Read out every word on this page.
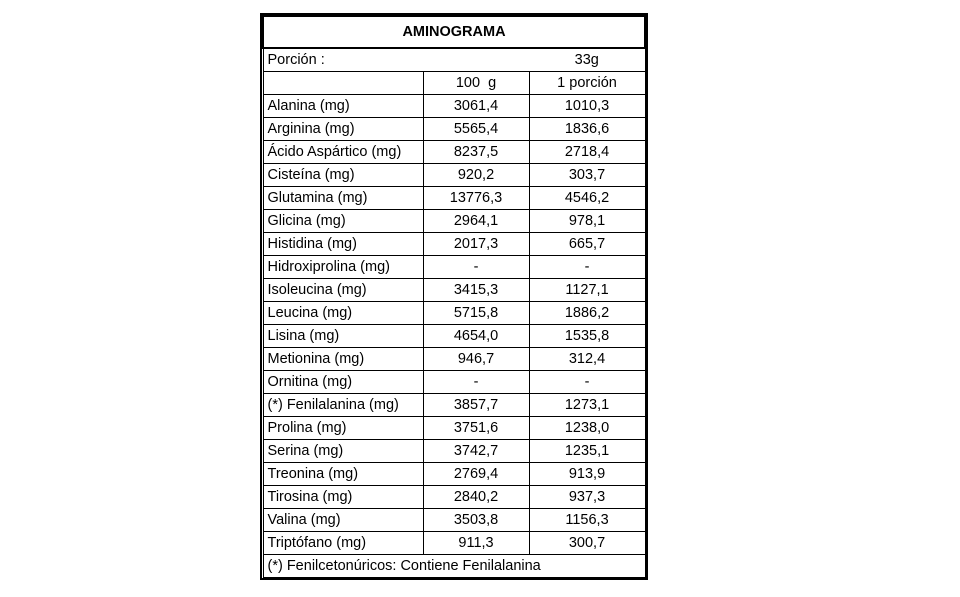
AMINOGRAMA		
Porción :		33g
	100  g	1 porción
Alanina (mg)	3061,4	1010,3
Arginina (mg)	5565,4	1836,6
Ácido Aspártico (mg)	8237,5	2718,4
Cisteína (mg)	920,2	303,7
Glutamina (mg)	13776,3	4546,2
Glicina (mg)	2964,1	978,1
Histidina (mg)	2017,3	665,7
Hidroxiprolina (mg)	-	-
Isoleucina (mg)	3415,3	1127,1
Leucina (mg)	5715,8	1886,2
Lisina (mg)	4654,0	1535,8
Metionina (mg)	946,7	312,4
Ornitina (mg)	-	-
(*) Fenilalanina (mg)	3857,7	1273,1
Prolina (mg)	3751,6	1238,0
Serina (mg)	3742,7	1235,1
Treonina (mg)	2769,4	913,9
Tirosina (mg)	2840,2	937,3
Valina (mg)	3503,8	1156,3
Triptófano (mg)	911,3	300,7
(*) Fenilcetonúricos: Contiene Fenilalanina		
